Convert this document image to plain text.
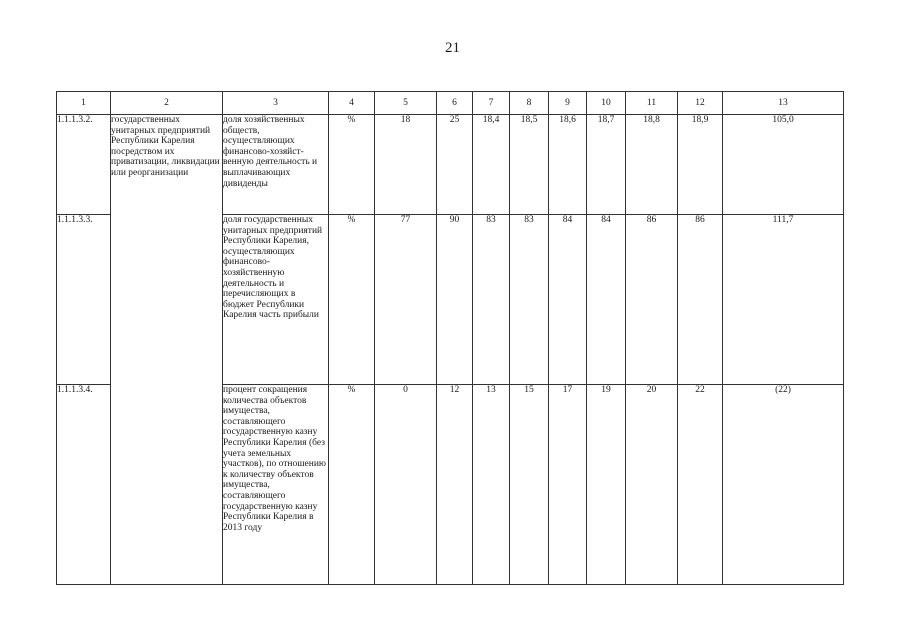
21
1	2	3	4	5	6	7	8	9	10	11	12	13
1.1.1.3.2.	государственных унитарных предприятий Республики Карелия посредством их приватизации, ликвидации или реорганизации	доля хозяйственных обществ, осуществляющих финансово-хозяйст-венную деятельность и выплачивающих дивиденды	%	18	25	18,4	18,5	18,6	18,7	18,8	18,9	105,0
1.1.1.3.3.		доля государственных унитарных предприятий Республики Карелия, осуществляющих финансово-хозяйственную деятельность и перечисляющих в бюджет Республики Карелия часть прибыли	%	77	90	83	83	84	84	86	86	111,7
1.1.1.3.4.		процент сокращения количества объектов имущества, составляющего государственную казну Республики Карелия (без учета земельных участков), по отношению к количеству объектов имущества, составляющего государственную казну Республики Карелия в 2013 году	%	0	12	13	15	17	19	20	22	(22)
